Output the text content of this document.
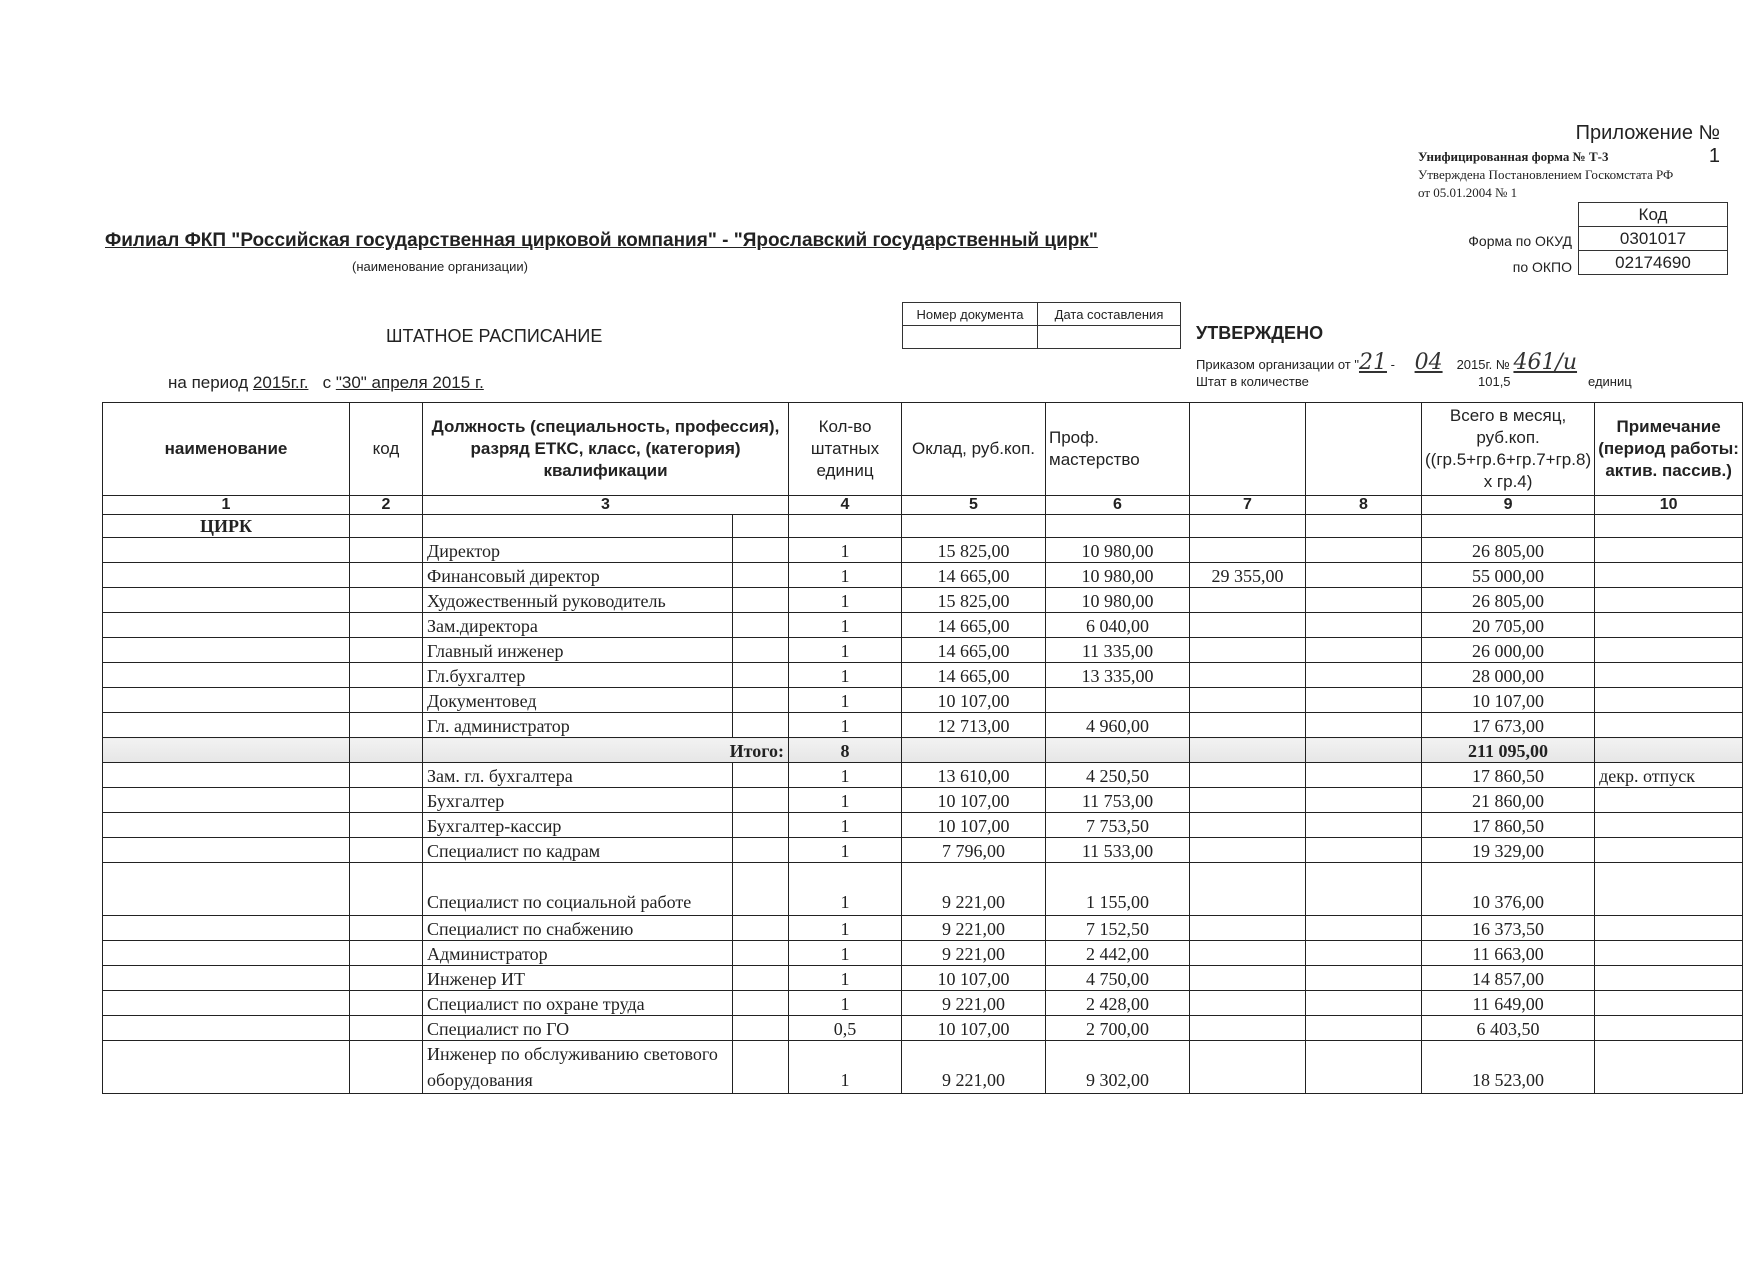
Приложение № 1
Унифицированная форма № Т-3
Утверждена Постановлением Госкомстата РФ
от 05.01.2004 № 1
Код
0301017
02174690
Форма по ОКУД
по ОКПО
Филиал ФКП "Российская государственная цирковой компания" - "Ярославский государственный цирк"
(наименование организации)
Номер документа	Дата составления

ШТАТНОЕ РАСПИСАНИЕ	УТВЕРЖДЕНО
Приказом организации от "21 - 04 2015г. № 461/и
Штат в количестве	101,5	единиц
на период 2015г.г. с "30" апреля 2015 г.
наименование	код	Должность (специальность, профессия), разряд ЕТКС, класс, (категория) квалификации		Кол-во штатных единиц	Оклад, руб.коп.	Проф. мастерство			Всего в месяц, руб.коп. ((гр.5+гр.6+гр.7+гр.8) x гр.4)	Примечание (период работы: актив. пассив.)
1	2	3		4	5	6	7	8	9	10
ЦИРК										
		Директор		1	15 825,00	10 980,00			26 805,00	
		Финансовый директор		1	14 665,00	10 980,00	29 355,00		55 000,00	
		Художественный руководитель		1	15 825,00	10 980,00			26 805,00	
		Зам.директора		1	14 665,00	6 040,00			20 705,00	
		Главный инженер		1	14 665,00	11 335,00			26 000,00	
		Гл.бухгалтер		1	14 665,00	13 335,00			28 000,00	
		Документовед		1	10 107,00				10 107,00	
		Гл. администратор		1	12 713,00	4 960,00			17 673,00	
		Итого:		8					211 095,00	
		Зам. гл. бухгалтера		1	13 610,00	4 250,50			17 860,50	декр. отпуск
		Бухгалтер		1	10 107,00	11 753,00			21 860,00	
		Бухгалтер-кассир		1	10 107,00	7 753,50			17 860,50	
		Специалист по кадрам		1	7 796,00	11 533,00			19 329,00	
		Специалист по социальной работе		1	9 221,00	1 155,00			10 376,00	
		Специалист по снабжению		1	9 221,00	7 152,50			16 373,50	
		Администратор		1	9 221,00	2 442,00			11 663,00	
		Инженер ИТ		1	10 107,00	4 750,00			14 857,00	
		Специалист по охране труда		1	9 221,00	2 428,00			11 649,00	
		Специалист по ГО		0,5	10 107,00	2 700,00			6 403,50	
		Инженер по обслуживанию светового оборудования		1	9 221,00	9 302,00			18 523,00	
